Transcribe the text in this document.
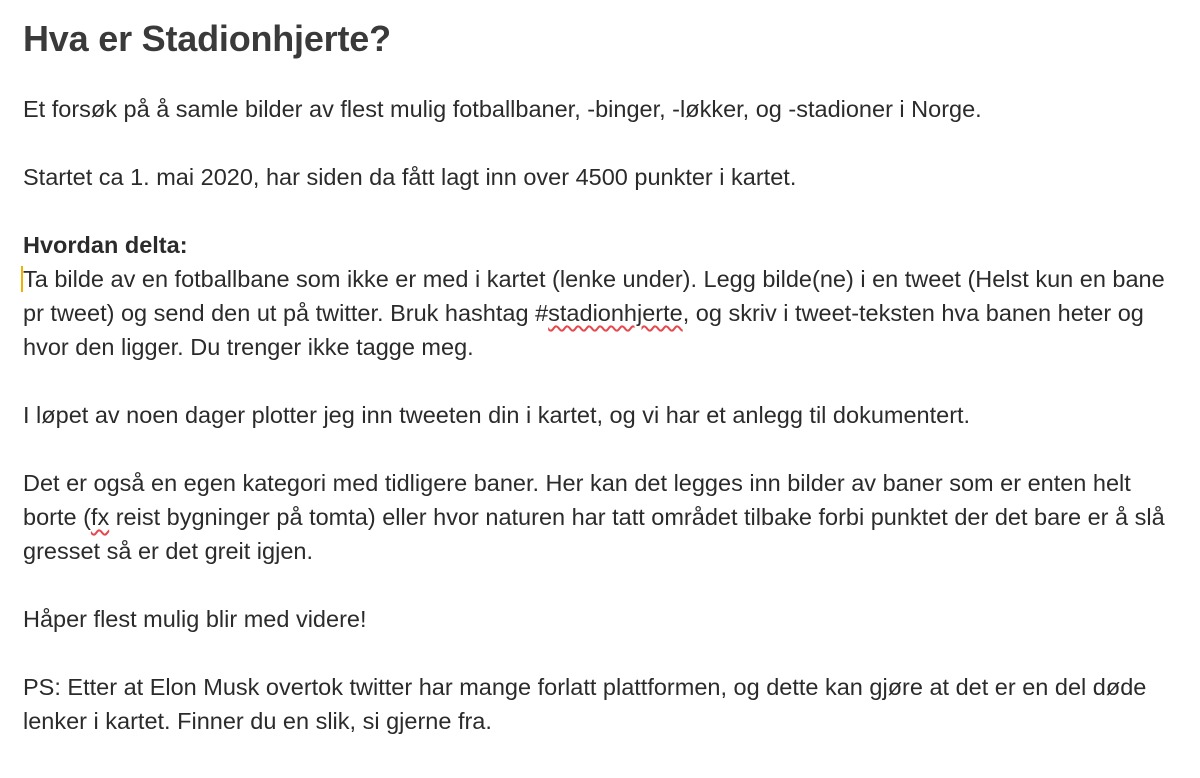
Hva er Stadionhjerte?

Et forsøk på å samle bilder av flest mulig fotballbaner, -binger, -løkker, og -stadioner i Norge.

Startet ca 1. mai 2020, har siden da fått lagt inn over 4500 punkter i kartet.

Hvordan delta:

Ta bilde av en fotballbane som ikke er med i kartet (lenke under). Legg bilde(ne) i en tweet (Helst kun en bane pr tweet) og send den ut på twitter. Bruk hashtag #stadionhjerte, og skriv i tweet-teksten hva banen heter og hvor den ligger. Du trenger ikke tagge meg.

I løpet av noen dager plotter jeg inn tweeten din i kartet, og vi har et anlegg til dokumentert.

Det er også en egen kategori med tidligere baner. Her kan det legges inn bilder av baner som er enten helt borte (fx reist bygninger på tomta) eller hvor naturen har tatt området tilbake forbi punktet der det bare er å slå gresset så er det greit igjen.

Håper flest mulig blir med videre!

PS: Etter at Elon Musk overtok twitter har mange forlatt plattformen, og dette kan gjøre at det er en del døde lenker i kartet. Finner du en slik, si gjerne fra.
